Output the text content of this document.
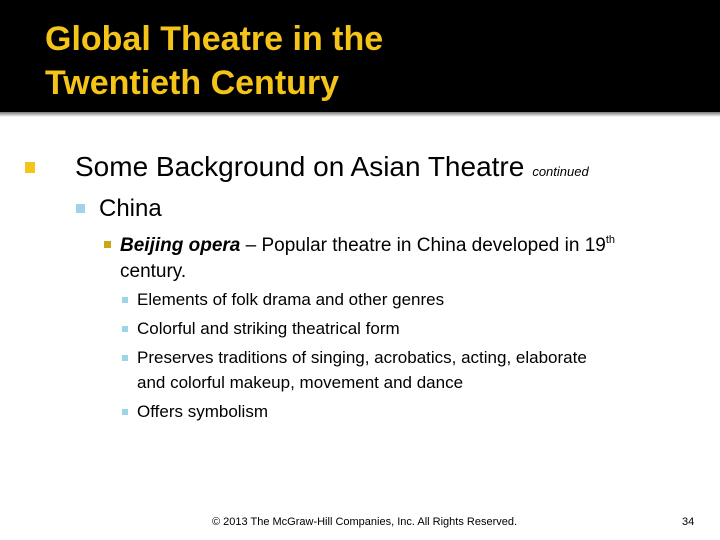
Global Theatre in the
Twentieth Century
Some Background on Asian Theatre continued
China
Beijing opera – Popular theatre in China developed in 19th
century.
Elements of folk drama and other genres
Colorful and striking theatrical form
Preserves traditions of singing, acrobatics, acting, elaborate
and colorful makeup, movement and dance
Offers symbolism
© 2013 The McGraw-Hill Companies, Inc. All Rights Reserved.	34
